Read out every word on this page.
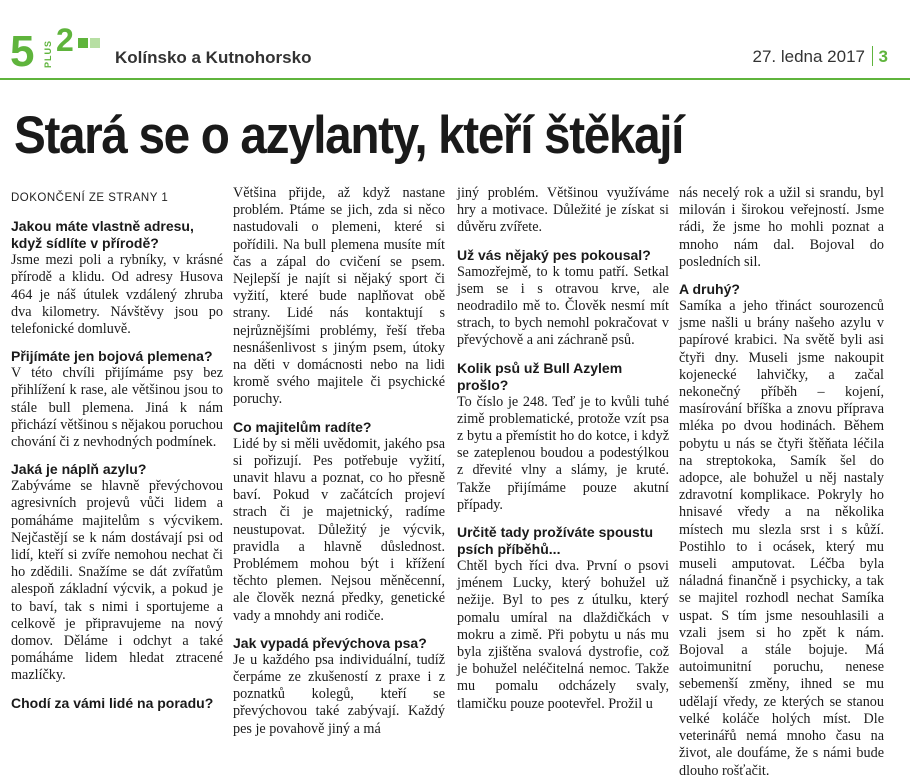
5 PLUS 2 Kolínsko a Kutnohorsko	27. ledna 2017 3
Stará se o azylanty, kteří štěkají
DOKONČENÍ ZE STRANY 1

Jakou máte vlastně adresu, když sídlíte v přírodě?

Jsme mezi poli a rybníky, v krásné přírodě a klidu. Od adresy Husova 464 je náš útulek vzdálený zhruba dva kilometry. Návštěvy jsou po telefonické domluvě.

Přijímáte jen bojová plemena?

V této chvíli přijímáme psy bez přihlížení k rase, ale většinou jsou to stále bull plemena. Jiná k nám přichází většinou s nějakou poruchou chování či z nevhodných podmínek.

Jaká je náplň azylu?

Zabýváme se hlavně převýchovou agresivních projevů vůči lidem a pomáháme majitelům s výcvikem. Nejčastějí se k nám dostávají psi od lidí, kteří si zvíře nemohou nechat či ho zdědili. Snažíme se dát zvířatům alespoň základní výcvik, a pokud je to baví, tak s nimi i sportujeme a celkově je připravujeme na nový domov. Děláme i odchyt a také pomáháme lidem hledat ztracené mazlíčky.

Chodí za vámi lidé na poradu?

Většina přijde, až když nastane problém. Ptáme se jich, zda si něco nastudovali o plemeni, které si pořídili. Na bull plemena musíte mít čas a zápal do cvičení se psem. Nejlepší je najít si nějaký sport či vyžití, které bude naplňovat obě strany. Lidé nás kontaktují s nejrůznějšími problémy, řeší třeba nesnášenlivost s jiným psem, útoky na děti v domácnosti nebo na lidi kromě svého majitele či psychické poruchy.

Co majitelům radíte?

Lidé by si měli uvědomit, jakého psa si pořizují. Pes potřebuje vyžití, unavit hlavu a poznat, co ho přesně baví. Pokud v začátcích projeví strach či je majetnický, radíme neustupovat. Důležitý je výcvik, pravidla a hlavně důslednost. Problémem mohou být i křížení těchto plemen. Nejsou měněcenní, ale člověk nezná předky, genetické vady a mnohdy ani rodiče.

Jak vypadá převýchova psa?

Je u každého psa individuální, tudíž čerpáme ze zkušeností z praxe i z poznatků kolegů, kteří se převýchovou také zabývají. Každý pes je povahově jiný a má

jiný problém. Většinou využíváme hry a motivace. Důležité je získat si důvěru zvířete.

Už vás nějaký pes pokousal?

Samozřejmě, to k tomu patří. Setkal jsem se i s otravou krve, ale neodradilo mě to. Člověk nesmí mít strach, to bych nemohl pokračovat v převýchově a ani záchraně psů.

Kolik psů už Bull Azylem prošlo?

To číslo je 248. Teď je to kvůli tuhé zimě problematické, protože vzít psa z bytu a přemístit ho do kotce, i když se zateplenou boudou a podestýlkou z dřevité vlny a slámy, je kruté. Takže přijímáme pouze akutní případy.

Určitě tady prožíváte spoustu psích příběhů...

Chtěl bych říci dva. První o psovi jménem Lucky, který bohužel už nežije. Byl to pes z útulku, který pomalu umíral na dlaždičkách v mokru a zimě. Při pobytu u nás mu byla zjištěna svalová dystrofie, což je bohužel neléčitelná nemoc. Takže mu pomalu odcházely svaly, tlamičku pouze pootevřel. Prožil u

nás necelý rok a užil si srandu, byl milován i širokou veřejností. Jsme rádi, že jsme ho mohli poznat a mnoho nám dal. Bojoval do posledních sil.

A druhý?

Samíka a jeho třináct sourozenců jsme našli u brány našeho azylu v papírové krabici. Na světě byli asi čtyři dny. Museli jsme nakoupit kojenecké lahvičky, a začal nekonečný příběh – kojení, masírování bříška a znovu příprava mléka po dvou hodinách. Během pobytu u nás se čtyři štěňata léčila na streptokoka, Samík šel do adopce, ale bohužel u něj nastaly zdravotní komplikace. Pokryly ho hnisavé vředy a na několika místech mu slezla srst i s kůží. Postihlo to i ocásek, který mu museli amputovat. Léčba byla náladná finančně i psychicky, a tak se majitel rozhodl nechat Samíka uspat. S tím jsme nesouhlasili a vzali jsem si ho zpět k nám. Bojoval a stále bojuje. Má autoimunitní poruchu, nenese sebemenší změny, ihned se mu udělají vředy, ze kterých se stanou velké koláče holých míst. Dle veterinářů nemá mnoho času na život, ale doufáme, že s námi bude dlouho rošťačit.
